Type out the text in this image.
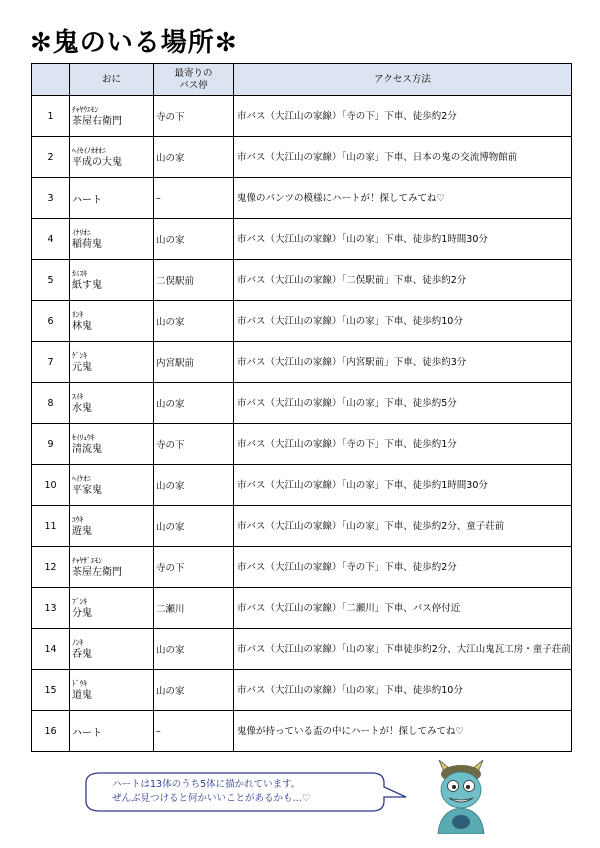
✻鬼のいる場所✻
	おに	最寄りの
バス停	アクセス方法
1	ﾁｬﾔｳｴﾓﾝ
茶屋右衛門	寺の下	市バス（大江山の家線）「寺の下」下車、徒歩約2分
2	ﾍｲｾｲﾉｵｵｵﾆ
平成の大鬼	山の家	市バス（大江山の家線）「山の家」下車、日本の鬼の交流博物館前
3	ハート	–	鬼像のパンツの模様にハートが！探してみてね♡
4	ｲﾅﾘｵﾆ
稲荷鬼	山の家	市バス（大江山の家線）「山の家」下車、徒歩約1時間30分
5	ｶﾐｽｷ
紙す鬼	二俣駅前	市バス（大江山の家線）「二俣駅前」下車、徒歩約2分
6	ﾘﾝｷ
林鬼	山の家	市バス（大江山の家線）「山の家」下車、徒歩約10分
7	ｹﾞﾝｷ
元鬼	内宮駅前	市バス（大江山の家線）「内宮駅前」下車、徒歩約3分
8	ｽｲｷ
水鬼	山の家	市バス（大江山の家線）「山の家」下車、徒歩約5分
9	ｾｲﾘｭｳｷ
清流鬼	寺の下	市バス（大江山の家線）「寺の下」下車、徒歩約1分
10	ﾍｲｹｵﾆ
平家鬼	山の家	市バス（大江山の家線）「山の家」下車、徒歩約1時間30分
11	ﾕｳｷ
遊鬼	山の家	市バス（大江山の家線）「山の家」下車、徒歩約2分、童子荘前
12	ﾁｬﾔｻﾞｴﾓﾝ
茶屋左衛門	寺の下	市バス（大江山の家線）「寺の下」下車、徒歩約2分
13	ﾌﾞﾝｷ
分鬼	二瀬川	市バス（大江山の家線）「二瀬川」下車、バス停付近
14	ﾉﾝｷ
呑鬼	山の家	市バス（大江山の家線）「山の家」下車徒歩約2分、大江山鬼瓦工房・童子荘前
15	ﾄﾞｳｷ
道鬼	山の家	市バス（大江山の家線）「山の家」下車、徒歩約10分
16	ハート	–	鬼像が持っている盃の中にハートが！探してみてね♡
ハートは13体のうち5体に描かれています。
ぜんぶ見つけると何かいいことがあるかも…♡
